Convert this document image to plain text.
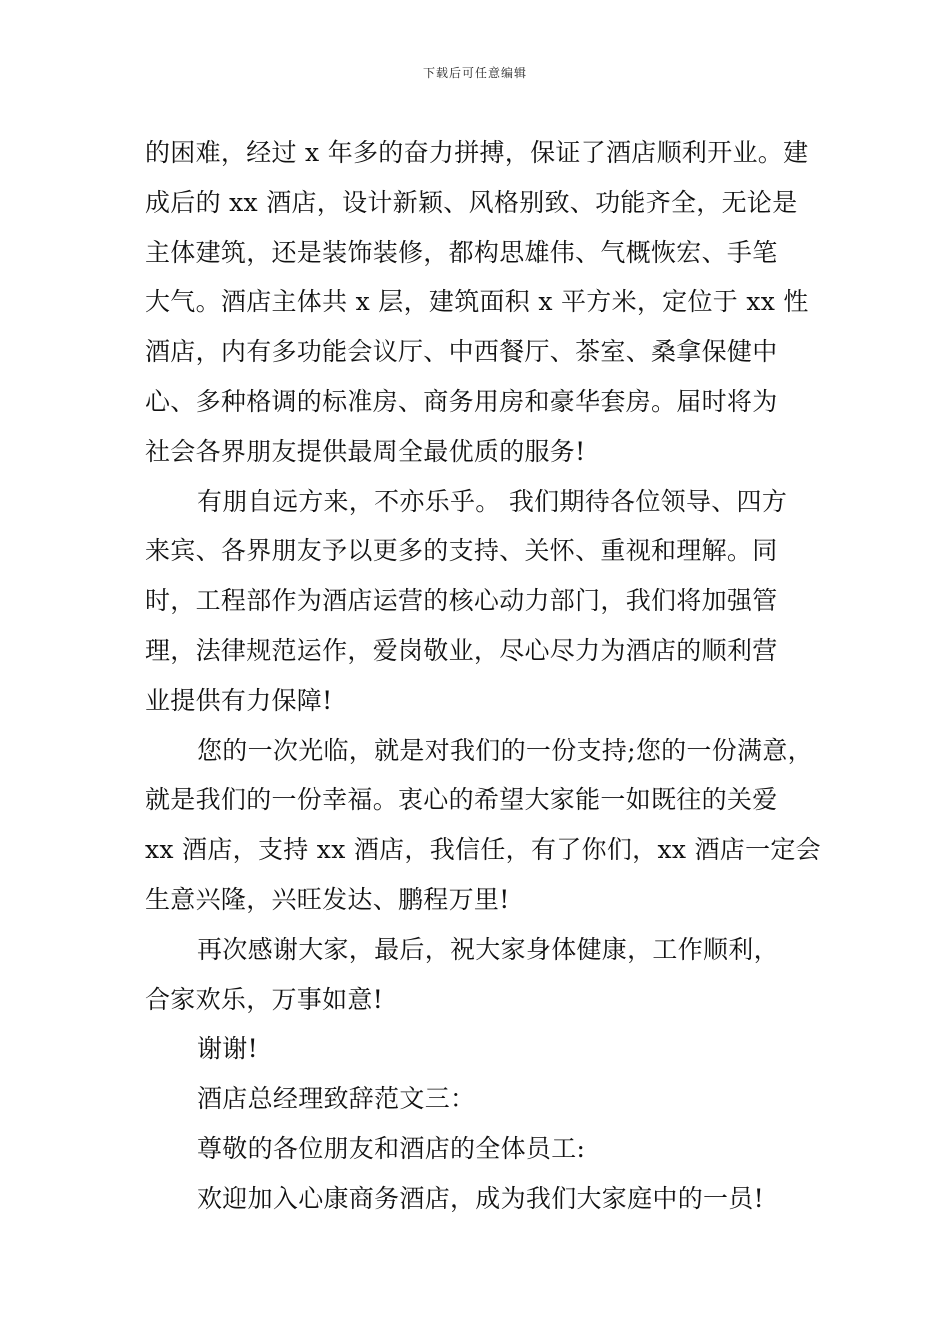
下载后可任意编辑
的困难，经过 x 年多的奋力拼搏，保证了酒店顺利开业。建
成后的 xx 酒店，设计新颖、风格别致、功能齐全，无论是
主体建筑，还是装饰装修，都构思雄伟、气概恢宏、手笔
大气。酒店主体共 x 层，建筑面积 x 平方米，定位于 xx 性
酒店，内有多功能会议厅、中西餐厅、茶室、桑拿保健中
心、多种格调的标准房、商务用房和豪华套房。届时将为
社会各界朋友提供最周全最优质的服务!
有朋自远方来，不亦乐乎。 我们期待各位领导、四方
来宾、各界朋友予以更多的支持、关怀、重视和理解。同
时，工程部作为酒店运营的核心动力部门，我们将加强管
理，法律规范运作，爱岗敬业，尽心尽力为酒店的顺利营
业提供有力保障!
您的一次光临，就是对我们的一份支持;您的一份满意，
就是我们的一份幸福。衷心的希望大家能一如既往的关爱
xx 酒店，支持 xx 酒店，我信任，有了你们，xx 酒店一定会
生意兴隆，兴旺发达、鹏程万里!
再次感谢大家，最后，祝大家身体健康，工作顺利，
合家欢乐，万事如意!
谢谢!
酒店总经理致辞范文三：
尊敬的各位朋友和酒店的全体员工:
欢迎加入心康商务酒店，成为我们大家庭中的一员!
